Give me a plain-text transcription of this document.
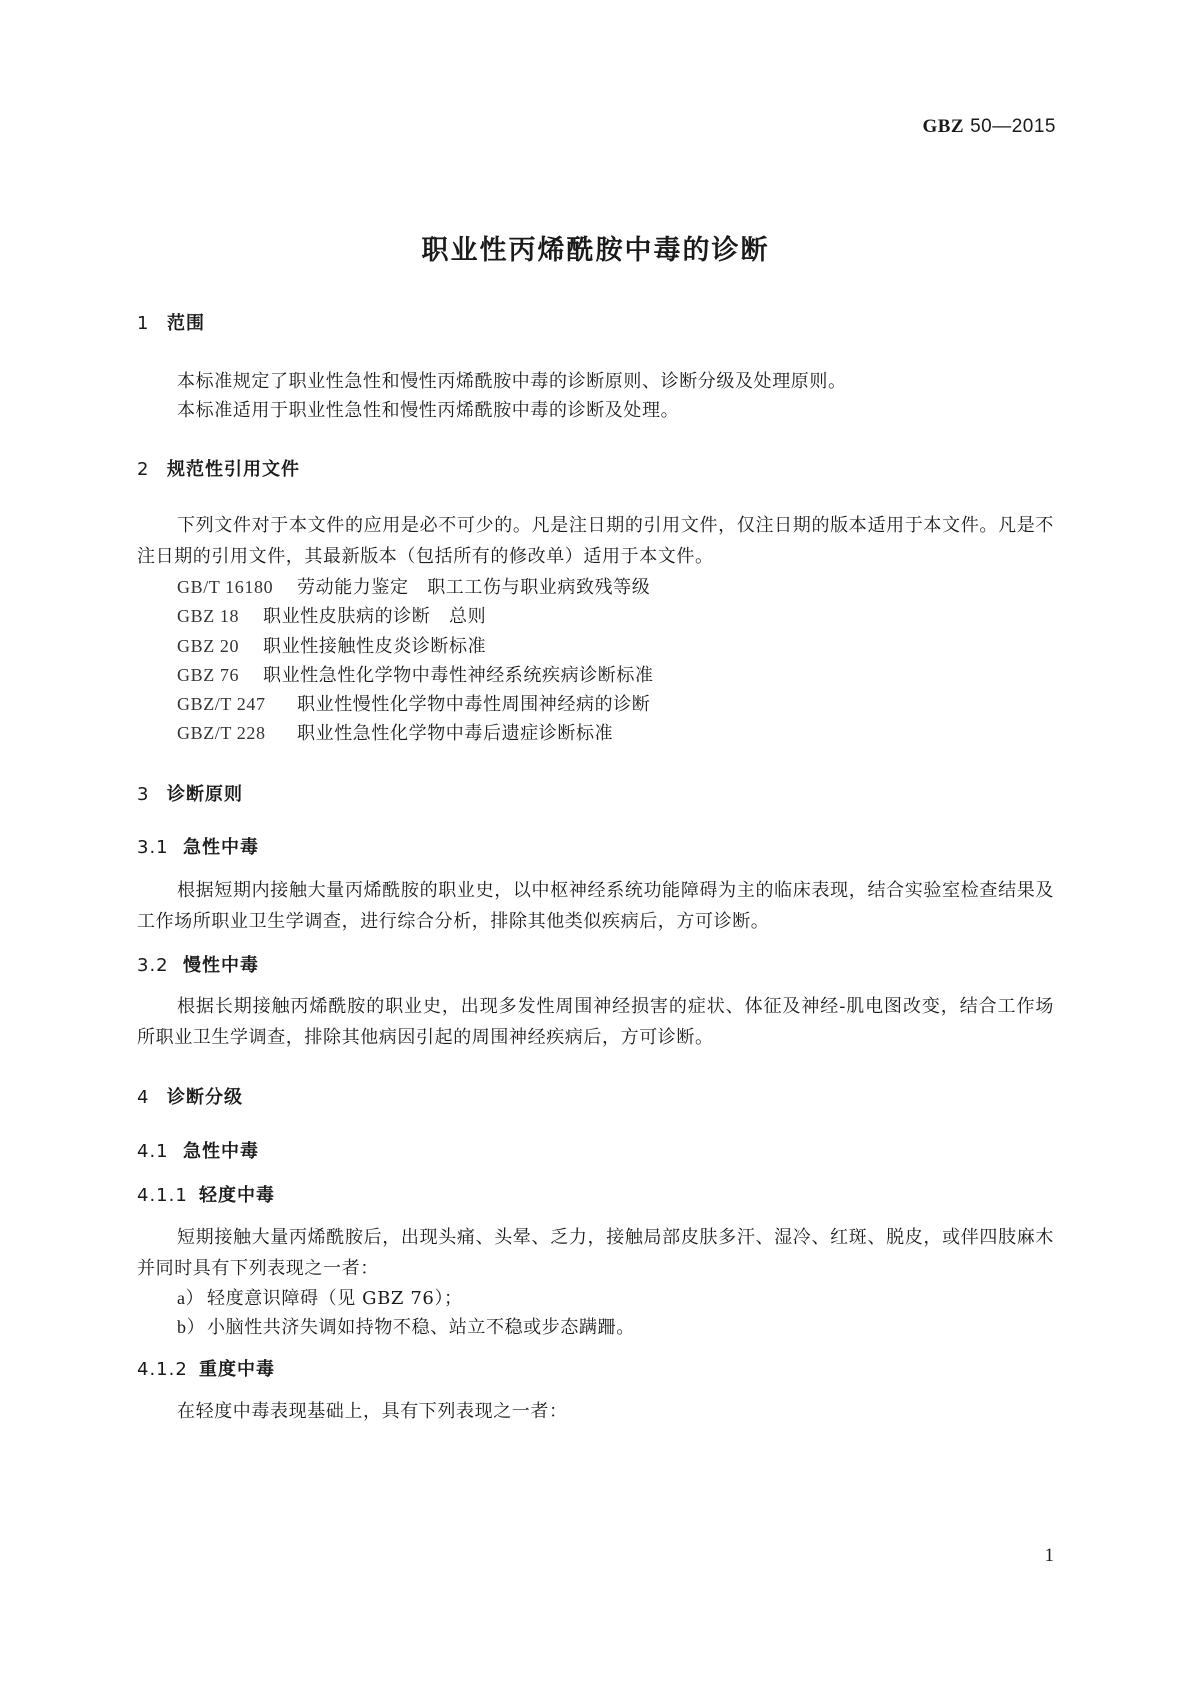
GBZ 50—2015
职业性丙烯酰胺中毒的诊断
1 范围
本标准规定了职业性急性和慢性丙烯酰胺中毒的诊断原则、诊断分级及处理原则。
本标准适用于职业性急性和慢性丙烯酰胺中毒的诊断及处理。
2 规范性引用文件
下列文件对于本文件的应用是必不可少的。凡是注日期的引用文件，仅注日期的版本适用于本文件。凡是不注日期的引用文件，其最新版本（包括所有的修改单）适用于本文件。
GB/T 16180 劳动能力鉴定　职工工伤与职业病致残等级
GBZ 18 职业性皮肤病的诊断　总则
GBZ 20 职业性接触性皮炎诊断标准
GBZ 76 职业性急性化学物中毒性神经系统疾病诊断标准
GBZ/T 247 职业性慢性化学物中毒性周围神经病的诊断
GBZ/T 228 职业性急性化学物中毒后遗症诊断标准
3 诊断原则
3.1 急性中毒
根据短期内接触大量丙烯酰胺的职业史，以中枢神经系统功能障碍为主的临床表现，结合实验室检查结果及工作场所职业卫生学调查，进行综合分析，排除其他类似疾病后，方可诊断。
3.2 慢性中毒
根据长期接触丙烯酰胺的职业史，出现多发性周围神经损害的症状、体征及神经-肌电图改变，结合工作场所职业卫生学调查，排除其他病因引起的周围神经疾病后，方可诊断。
4 诊断分级
4.1 急性中毒
4.1.1 轻度中毒
短期接触大量丙烯酰胺后，出现头痛、头晕、乏力，接触局部皮肤多汗、湿冷、红斑、脱皮，或伴四肢麻木并同时具有下列表现之一者：
a） 轻度意识障碍（见 GBZ 76）；
b）小脑性共济失调如持物不稳、站立不稳或步态蹒跚。
4.1.2 重度中毒
在轻度中毒表现基础上，具有下列表现之一者：
1
